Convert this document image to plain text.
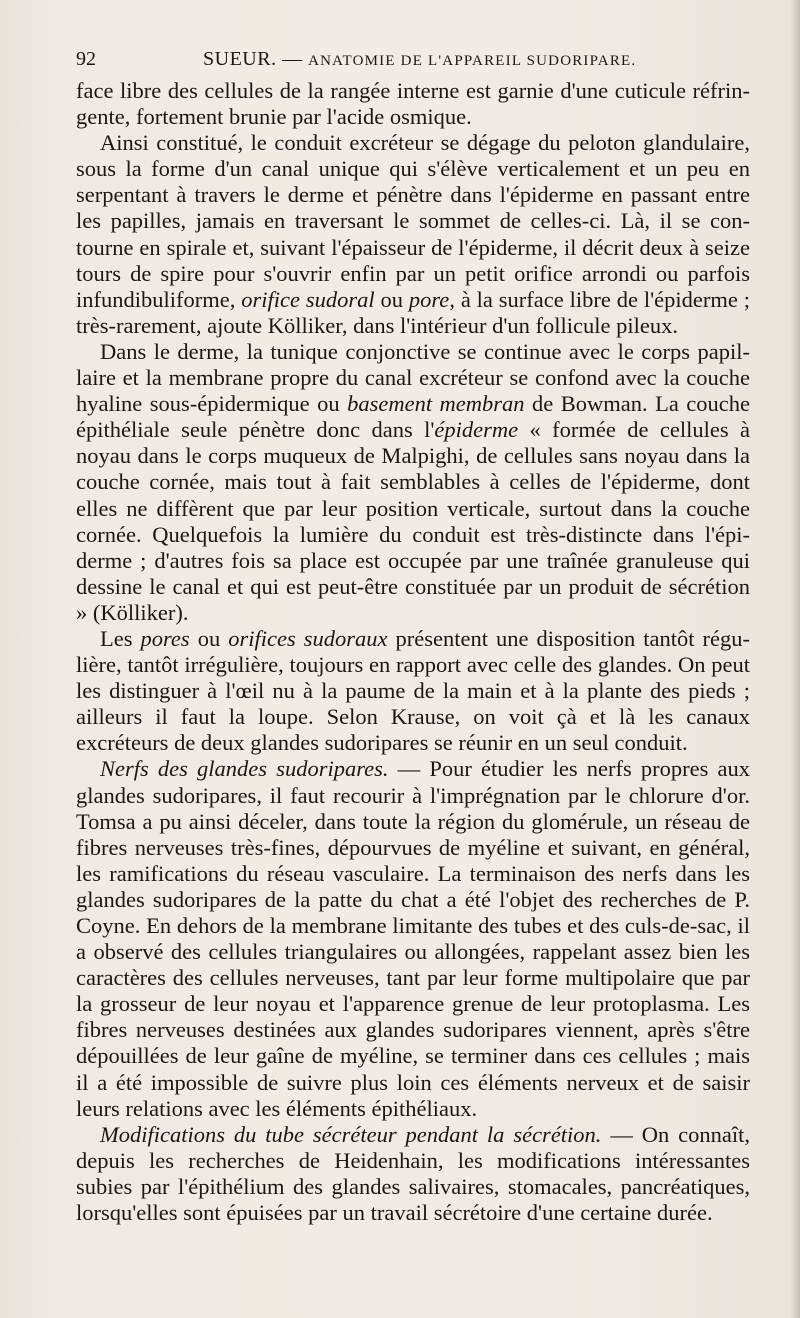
92	SUEUR. — ANATOMIE DE L'APPAREIL SUDORIPARE.

face libre des cellules de la rangée interne est garnie d'une cuticule réfringente, fortement brunie par l'acide osmique.

Ainsi constitué, le conduit excréteur se dégage du peloton glandulaire, sous la forme d'un canal unique qui s'élève verticalement et un peu en serpentant à travers le derme et pénètre dans l'épiderme en passant entre les papilles, jamais en traversant le sommet de celles-ci. Là, il se contourne en spirale et, suivant l'épaisseur de l'épiderme, il décrit deux à seize tours de spire pour s'ouvrir enfin par un petit orifice arrondi ou parfois infundibuliforme, orifice sudoral ou pore, à la surface libre de l'épiderme ; très-rarement, ajoute Kölliker, dans l'intérieur d'un follicule pileux.

Dans le derme, la tunique conjonctive se continue avec le corps papillaire et la membrane propre du canal excréteur se confond avec la couche hyaline sous-épidermique ou basement membran de Bowman. La couche épithéliale seule pénètre donc dans l'épiderme « formée de cellules à noyau dans le corps muqueux de Malpighi, de cellules sans noyau dans la couche cornée, mais tout à fait semblables à celles de l'épiderme, dont elles ne diffèrent que par leur position verticale, surtout dans la couche cornée. Quelquefois la lumière du conduit est très-distincte dans l'épiderme ; d'autres fois sa place est occupée par une traînée granuleuse qui dessine le canal et qui est peut-être constituée par un produit de sécrétion » (Kölliker).

Les pores ou orifices sudoraux présentent une disposition tantôt régulière, tantôt irrégulière, toujours en rapport avec celle des glandes. On peut les distinguer à l'œil nu à la paume de la main et à la plante des pieds ; ailleurs il faut la loupe. Selon Krause, on voit çà et là les canaux excréteurs de deux glandes sudoripares se réunir en un seul conduit.

Nerfs des glandes sudoripares. — Pour étudier les nerfs propres aux glandes sudoripares, il faut recourir à l'imprégnation par le chlorure d'or. Tomsa a pu ainsi déceler, dans toute la région du glomérule, un réseau de fibres nerveuses très-fines, dépourvues de myéline et suivant, en général, les ramifications du réseau vasculaire. La terminaison des nerfs dans les glandes sudoripares de la patte du chat a été l'objet des recherches de P. Coyne. En dehors de la membrane limitante des tubes et des culs-de-sac, il a observé des cellules triangulaires ou allongées, rappelant assez bien les caractères des cellules nerveuses, tant par leur forme multipolaire que par la grosseur de leur noyau et l'apparence grenue de leur protoplasma. Les fibres nerveuses destinées aux glandes sudoripares viennent, après s'être dépouillées de leur gaîne de myéline, se terminer dans ces cellules ; mais il a été impossible de suivre plus loin ces éléments nerveux et de saisir leurs relations avec les éléments épithéliaux.

Modifications du tube sécréteur pendant la sécrétion. — On connaît, depuis les recherches de Heidenhain, les modifications intéressantes subies par l'épithélium des glandes salivaires, stomacales, pancréatiques, lorsqu'elles sont épuisées par un travail sécrétoire d'une certaine durée.
